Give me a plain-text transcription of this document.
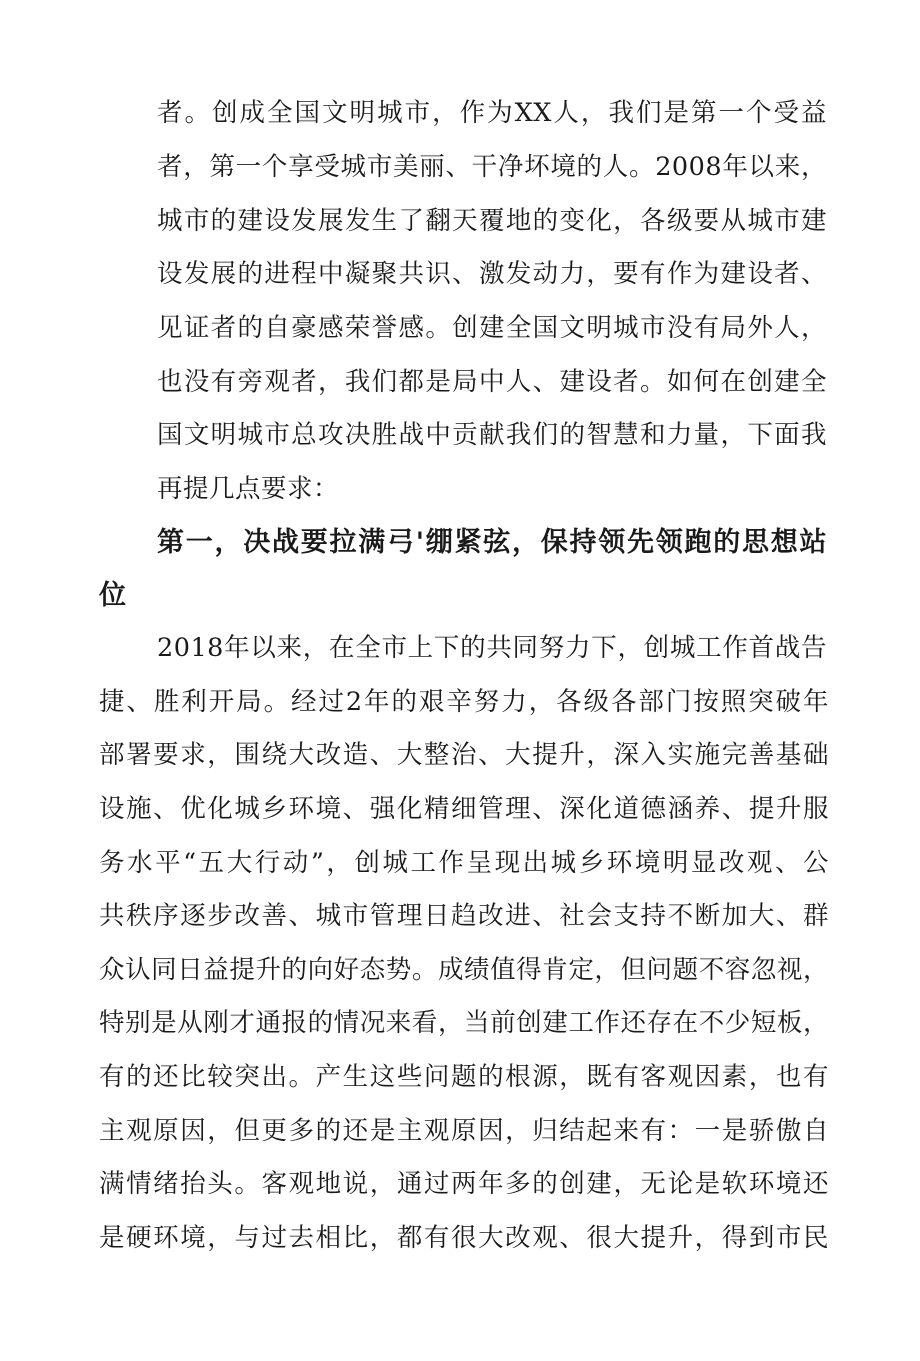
者。创成全国文明城市，作为XX人，我们是第一个受益

者，第一个享受城市美丽、干净坏境的人。2008年以来，

城市的建设发展发生了翻天覆地的变化，各级要从城市建

设发展的进程中凝聚共识、激发动力，要有作为建设者、

见证者的自豪感荣誉感。创建全国文明城市没有局外人，

也没有旁观者，我们都是局中人、建设者。如何在创建全

国文明城市总攻决胜战中贡献我们的智慧和力量，下面我

再提几点要求：

第一，决战要拉满弓'绷紧弦，保持领先领跑的思想站

位

2018年以来，在全市上下的共同努力下，创城工作首战告

捷、胜利开局。经过2年的艰辛努力，各级各部门按照突破年

部署要求，围绕大改造、大整治、大提升，深入实施完善基础

设施、优化城乡环境、强化精细管理、深化道德涵养、提升服

务水平“五大行动”，创城工作呈现出城乡环境明显改观、公

共秩序逐步改善、城市管理日趋改进、社会支持不断加大、群

众认同日益提升的向好态势。成绩值得肯定，但问题不容忽视，

特别是从刚才通报的情况来看，当前创建工作还存在不少短板，

有的还比较突出。产生这些问题的根源，既有客观因素，也有

主观原因，但更多的还是主观原因，归结起来有：一是骄傲自

满情绪抬头。客观地说，通过两年多的创建，无论是软环境还

是硬环境，与过去相比，都有很大改观、很大提升，得到市民
